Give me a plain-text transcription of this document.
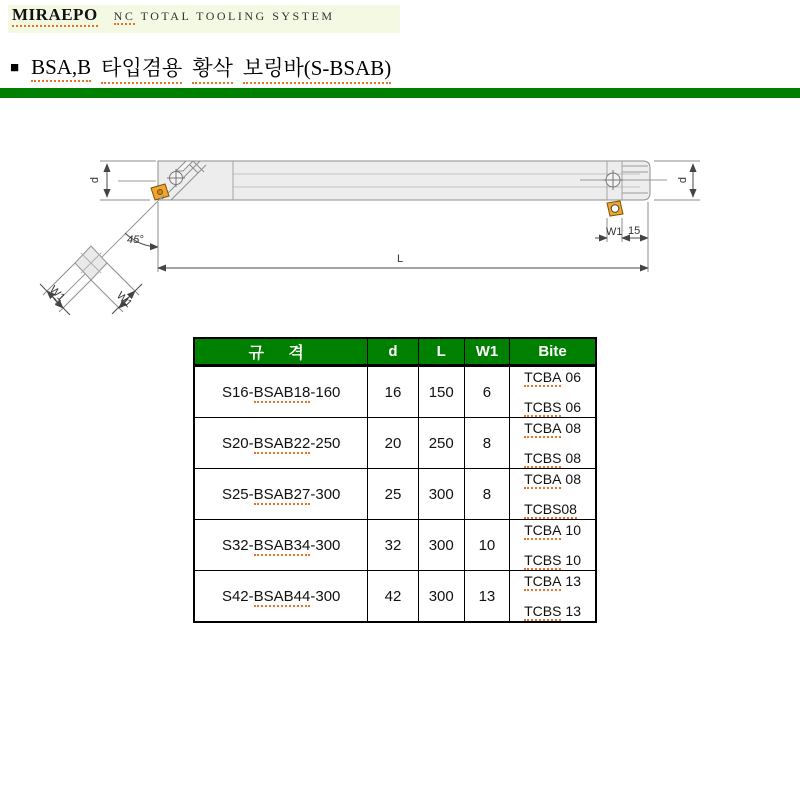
MIRAEPO NC TOTAL TOOLING SYSTEM
■ BSA,B 타입겸용 황삭 보링바(S-BSAB)
W1	W1
45°
d	d
W1 15
L
규 격	d	L	W1	Bite
S16-BSAB18-160	16	150	6	TCBA 06
TCBS 06

S20-BSAB22-250	20	250	8	TCBA 08
TCBS 08

S25-BSAB27-300	25	300	8	TCBA 08
TCBS08

S32-BSAB34-300	32	300	10	TCBA 10
TCBS 10

S42-BSAB44-300	42	300	13	TCBA 13
TCBS 13
